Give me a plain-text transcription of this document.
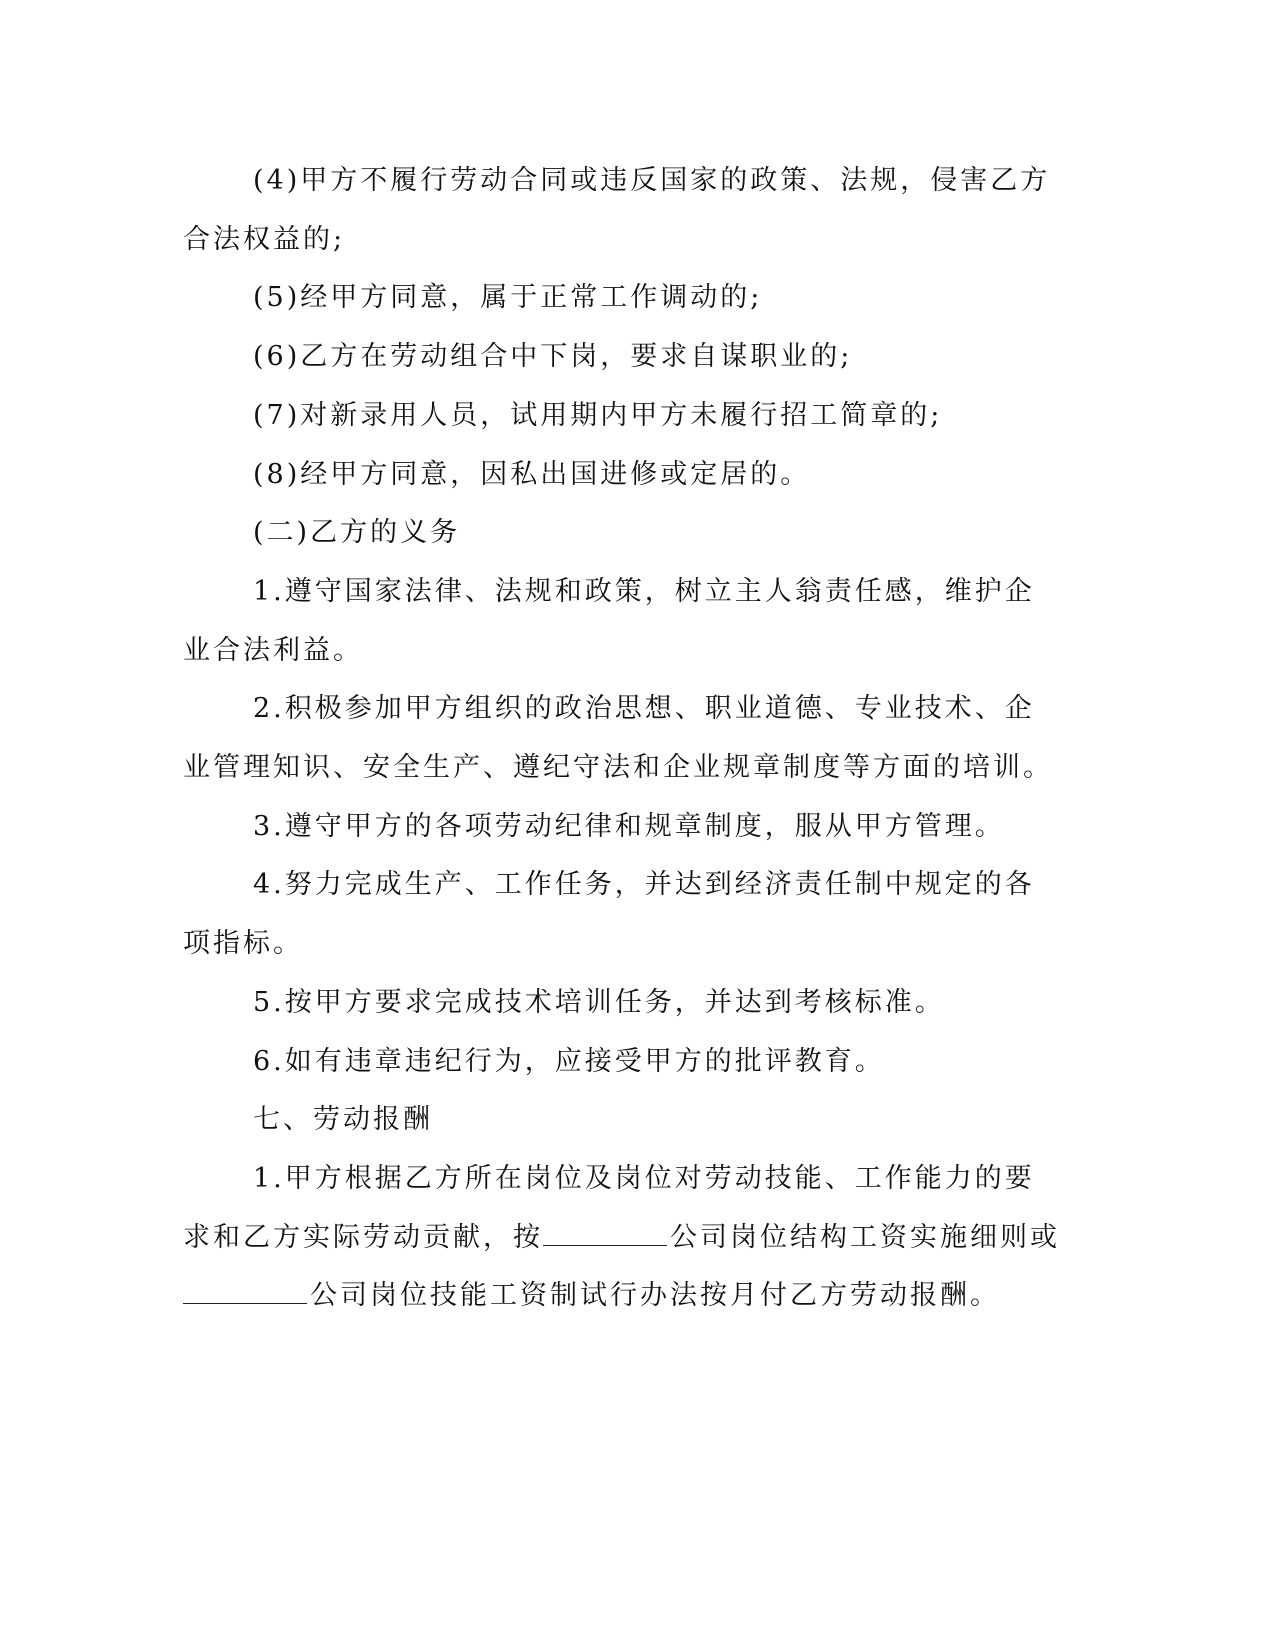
(4)甲方不履行劳动合同或违反国家的政策、法规，侵害乙方合法权益的;

(5)经甲方同意，属于正常工作调动的;

(6)乙方在劳动组合中下岗，要求自谋职业的;

(7)对新录用人员，试用期内甲方未履行招工简章的;

(8)经甲方同意，因私出国进修或定居的。

(二)乙方的义务

1.遵守国家法律、法规和政策，树立主人翁责任感，维护企业合法利益。

2.积极参加甲方组织的政治思想、职业道德、专业技术、企业管理知识、安全生产、遵纪守法和企业规章制度等方面的培训。

3.遵守甲方的各项劳动纪律和规章制度，服从甲方管理。

4.努力完成生产、工作任务，并达到经济责任制中规定的各项指标。

5.按甲方要求完成技术培训任务，并达到考核标准。

6.如有违章违纪行为，应接受甲方的批评教育。

七、劳动报酬

1.甲方根据乙方所在岗位及岗位对劳动技能、工作能力的要求和乙方实际劳动贡献，按	公司岗位结构工资实施细则或公司岗位技能工资制试行办法按月付乙方劳动报酬。
